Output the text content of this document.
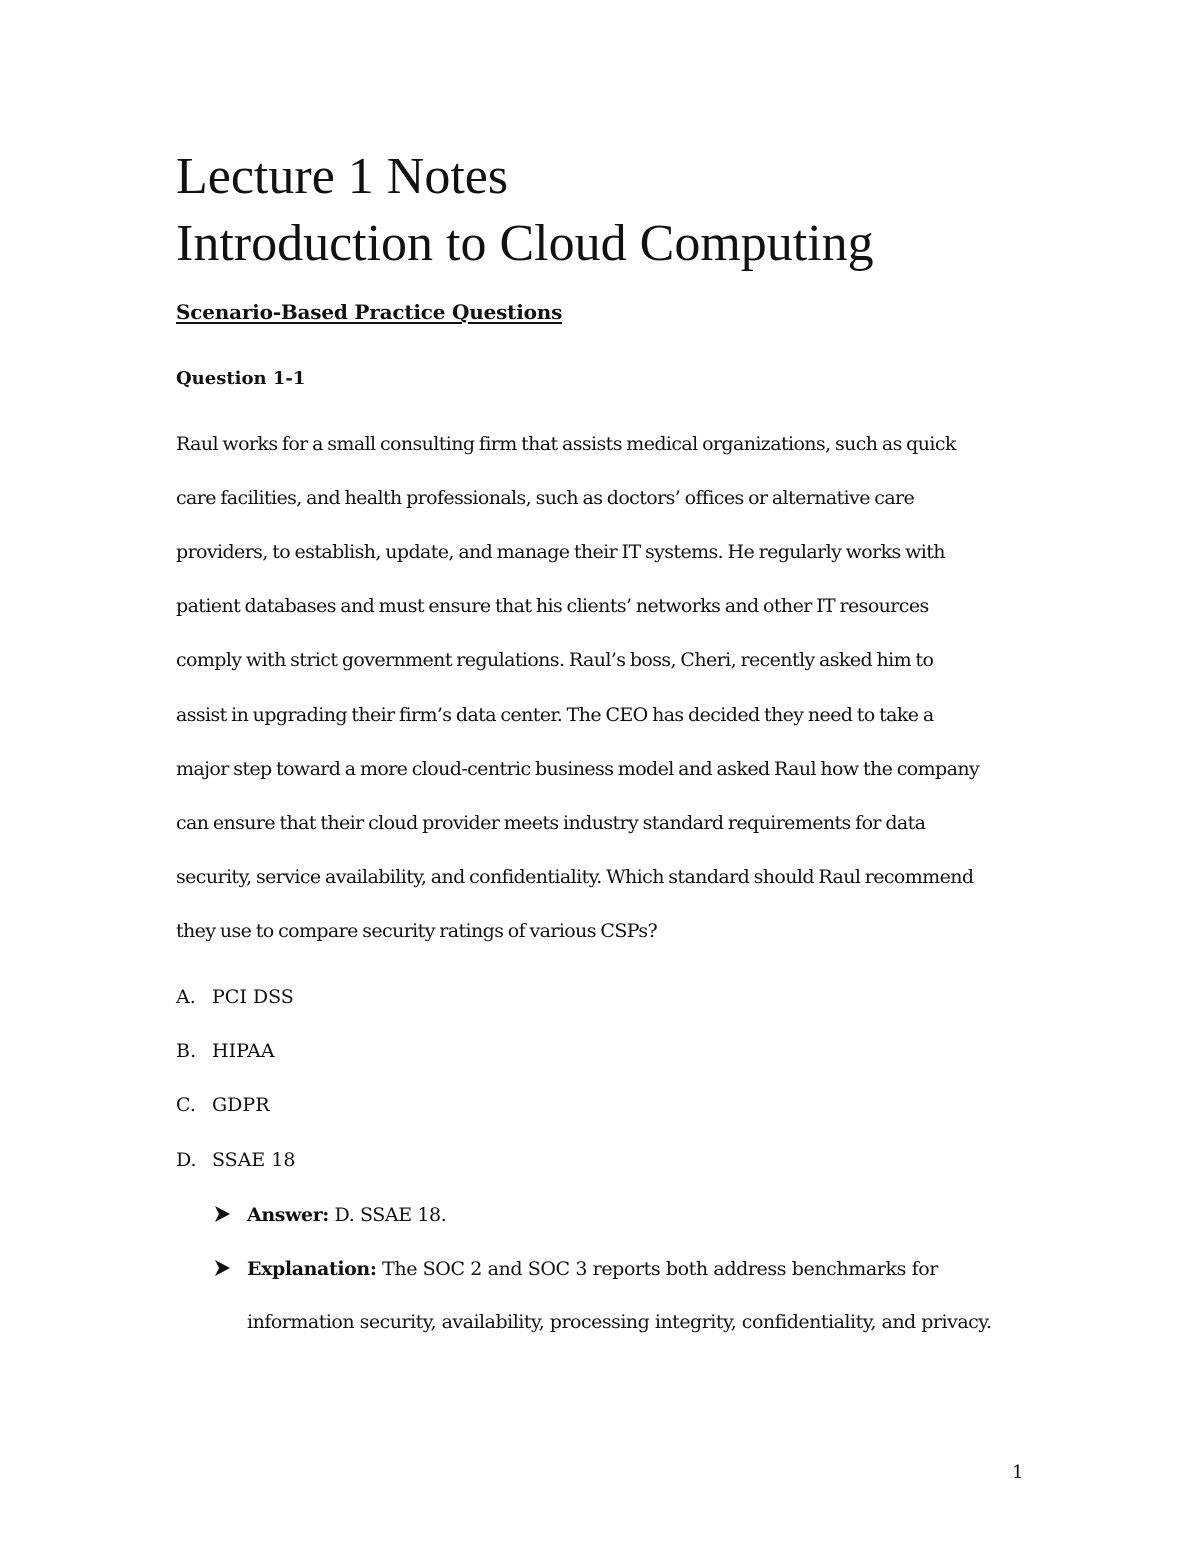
Lecture 1 Notes
Introduction to Cloud Computing
Scenario-Based Practice Questions
Question 1-1
Raul works for a small consulting firm that assists medical organizations, such as quick
care facilities, and health professionals, such as doctors’ offices or alternative care
providers, to establish, update, and manage their IT systems. He regularly works with
patient databases and must ensure that his clients’ networks and other IT resources
comply with strict government regulations. Raul’s boss, Cheri, recently asked him to
assist in upgrading their firm’s data center. The CEO has decided they need to take a
major step toward a more cloud-centric business model and asked Raul how the company
can ensure that their cloud provider meets industry standard requirements for data
security, service availability, and confidentiality. Which standard should Raul recommend
they use to compare security ratings of various CSPs?
A. PCI DSS
B. HIPAA
C. GDPR
D. SSAE 18
Answer: D. SSAE 18.
Explanation: The SOC 2 and SOC 3 reports both address benchmarks for
information security, availability, processing integrity, confidentiality, and privacy.
1
